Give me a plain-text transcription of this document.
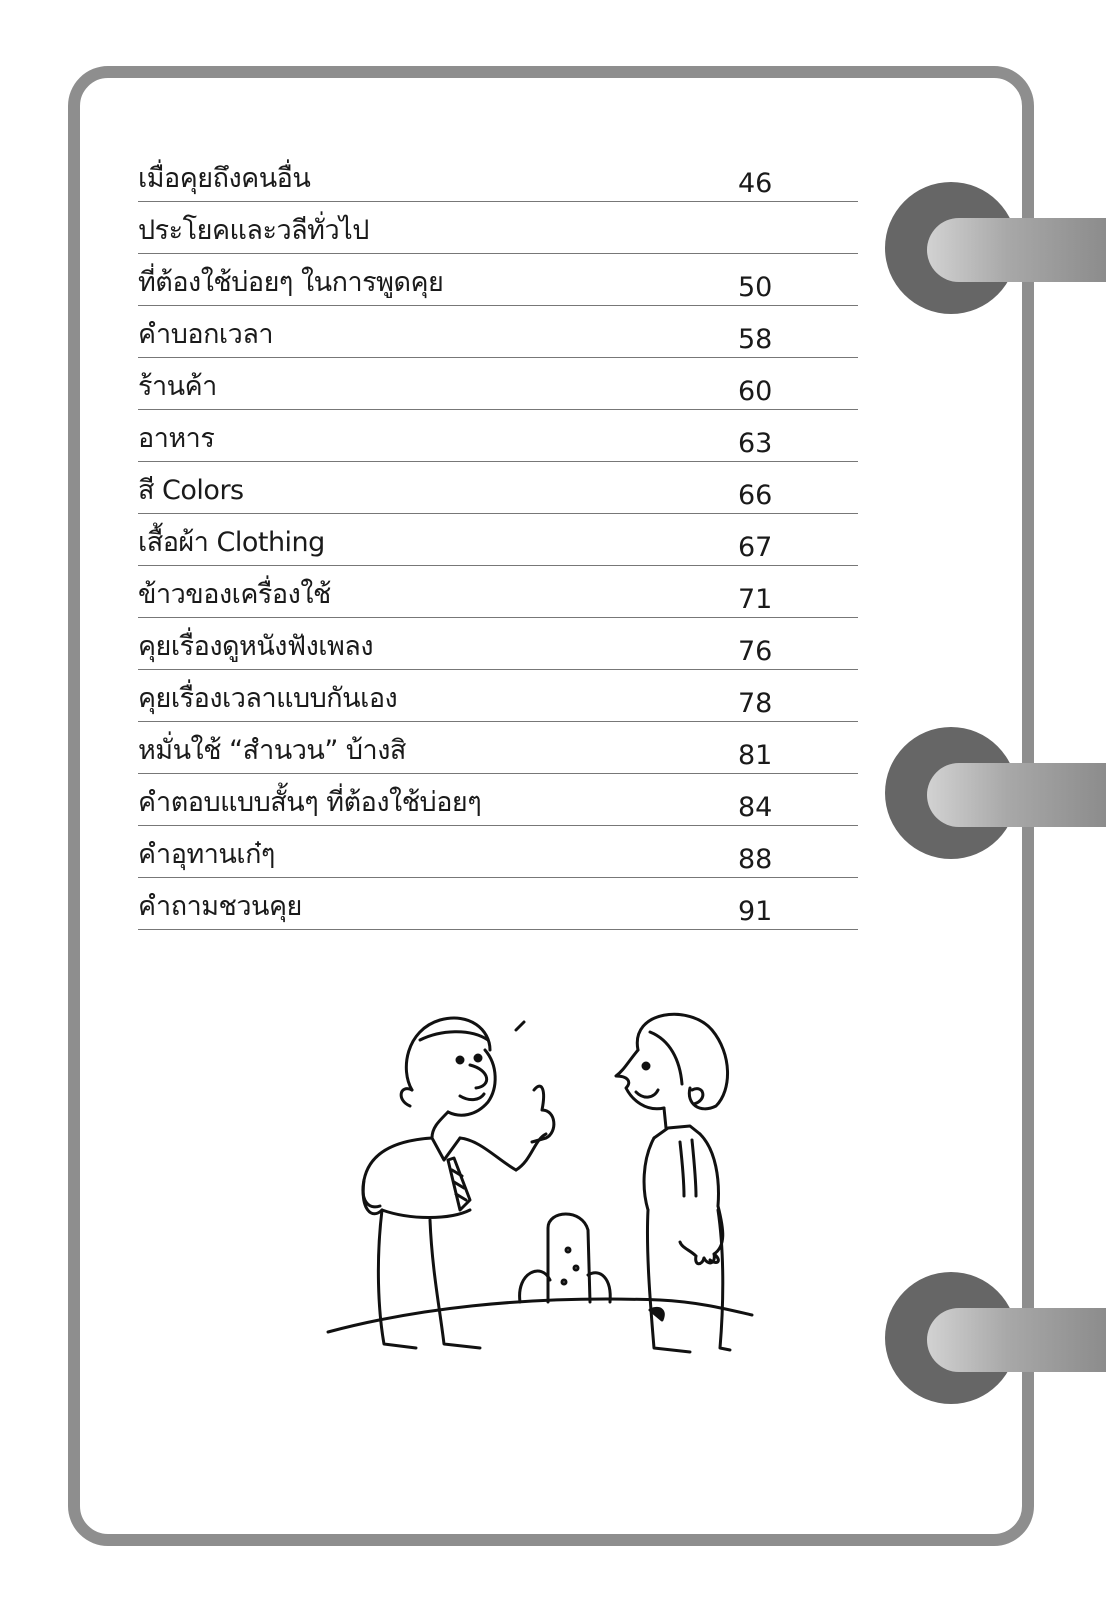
เมื่อคุยถึงคนอื่น	46
ประโยคและวลีทั่วไป
ที่ต้องใช้บ่อยๆ ในการพูดคุย	50
คำบอกเวลา	58
ร้านค้า	60
อาหาร	63
สี Colors	66
เสื้อผ้า Clothing	67
ข้าวของเครื่องใช้	71
คุยเรื่องดูหนังฟังเพลง	76
คุยเรื่องเวลาแบบกันเอง	78
หมั่นใช้ “สำนวน” บ้างสิ	81
คำตอบแบบสั้นๆ ที่ต้องใช้บ่อยๆ	84
คำอุทานเก๋ๆ	88
คำถามชวนคุย	91
